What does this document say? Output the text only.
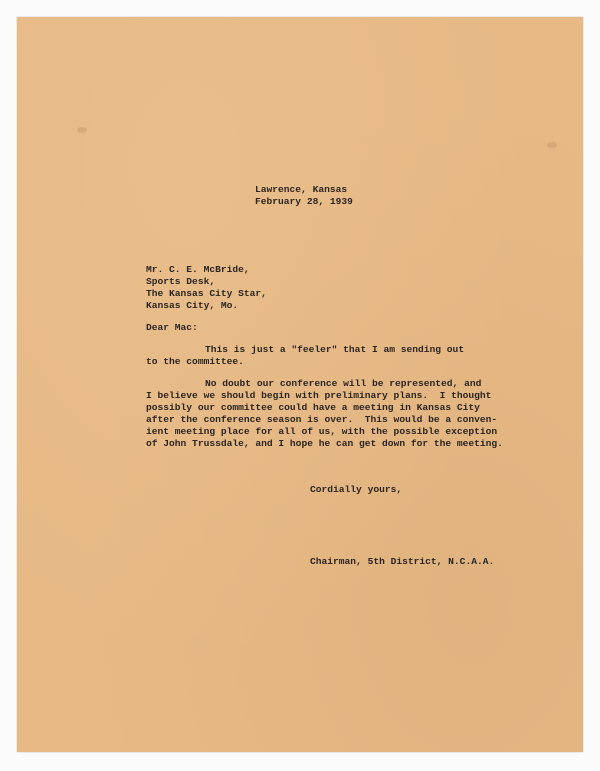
Lawrence, Kansas
February 28, 1939
Mr. C. E. McBride,
Sports Desk,
The Kansas City Star,
Kansas City, Mo.
Dear Mac:
This is just a "feeler" that I am sending out
to the committee.
No doubt our conference will be represented, and
I believe we should begin with preliminary plans.  I thought
possibly our committee could have a meeting in Kansas City
after the conference season is over.  This would be a conven-
ient meeting place for all of us, with the possible exception
of John Trussdale, and I hope he can get down for the meeting.
Cordially yours,
Chairman, 5th District, N.C.A.A.
